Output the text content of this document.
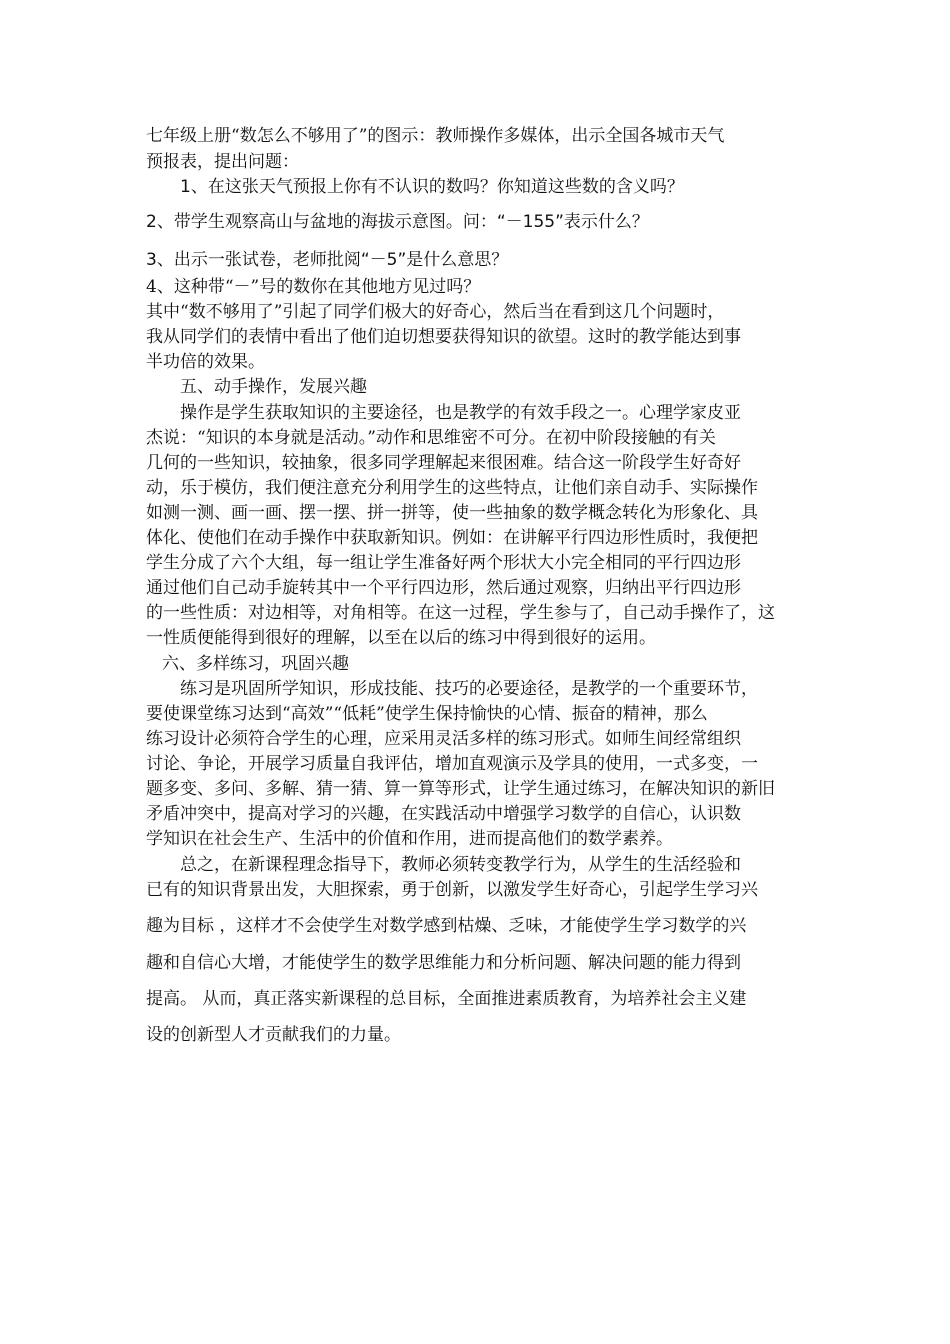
七年级上册“数怎么不够用了”的图示：教师操作多媒体，出示全国各城市天气
预报表，提出问题：
1、在这张天气预报上你有不认识的数吗？你知道这些数的含义吗？
2、带学生观察高山与盆地的海拔示意图。问：“－155”表示什么？
3、出示一张试卷，老师批阅“－5”是什么意思？
4、这种带“－”号的数你在其他地方见过吗？
其中“数不够用了”引起了同学们极大的好奇心，然后当在看到这几个问题时，
我从同学们的表情中看出了他们迫切想要获得知识的欲望。这时的教学能达到事
半功倍的效果。
五、动手操作，发展兴趣
操作是学生获取知识的主要途径，也是教学的有效手段之一。心理学家皮亚
杰说：“知识的本身就是活动。”动作和思维密不可分。在初中阶段接触的有关
几何的一些知识，较抽象，很多同学理解起来很困难。结合这一阶段学生好奇好
动，乐于模仿，我们便注意充分利用学生的这些特点，让他们亲自动手、实际操作
如测一测、画一画、摆一摆、拼一拼等，使一些抽象的数学概念转化为形象化、具
体化、使他们在动手操作中获取新知识。例如：在讲解平行四边形性质时，我便把
学生分成了六个大组，每一组让学生准备好两个形状大小完全相同的平行四边形
通过他们自己动手旋转其中一个平行四边形，然后通过观察，归纳出平行四边形
的一些性质：对边相等，对角相等。在这一过程，学生参与了，自己动手操作了，这
一性质便能得到很好的理解，以至在以后的练习中得到很好的运用。
六、多样练习，巩固兴趣
练习是巩固所学知识，形成技能、技巧的必要途径，是教学的一个重要环节，
要使课堂练习达到“高效”“低耗”使学生保持愉快的心情、振奋的精神，那么
练习设计必须符合学生的心理，应采用灵活多样的练习形式。如师生间经常组织
讨论、争论，开展学习质量自我评估，增加直观演示及学具的使用，一式多变，一
题多变、多问、多解、猜一猜、算一算等形式，让学生通过练习，在解决知识的新旧
矛盾冲突中，提高对学习的兴趣，在实践活动中增强学习数学的自信心，认识数
学知识在社会生产、生活中的价值和作用，进而提高他们的数学素养。
总之，在新课程理念指导下，教师必须转变教学行为，从学生的生活经验和
已有的知识背景出发，大胆探索，勇于创新，以激发学生好奇心，引起学生学习兴
趣为目标 ，这样才不会使学生对数学感到枯燥、乏味，才能使学生学习数学的兴
趣和自信心大增，才能使学生的数学思维能力和分析问题、解决问题的能力得到
提高。 从而，真正落实新课程的总目标，全面推进素质教育，为培养社会主义建
设的创新型人才贡献我们的力量。
